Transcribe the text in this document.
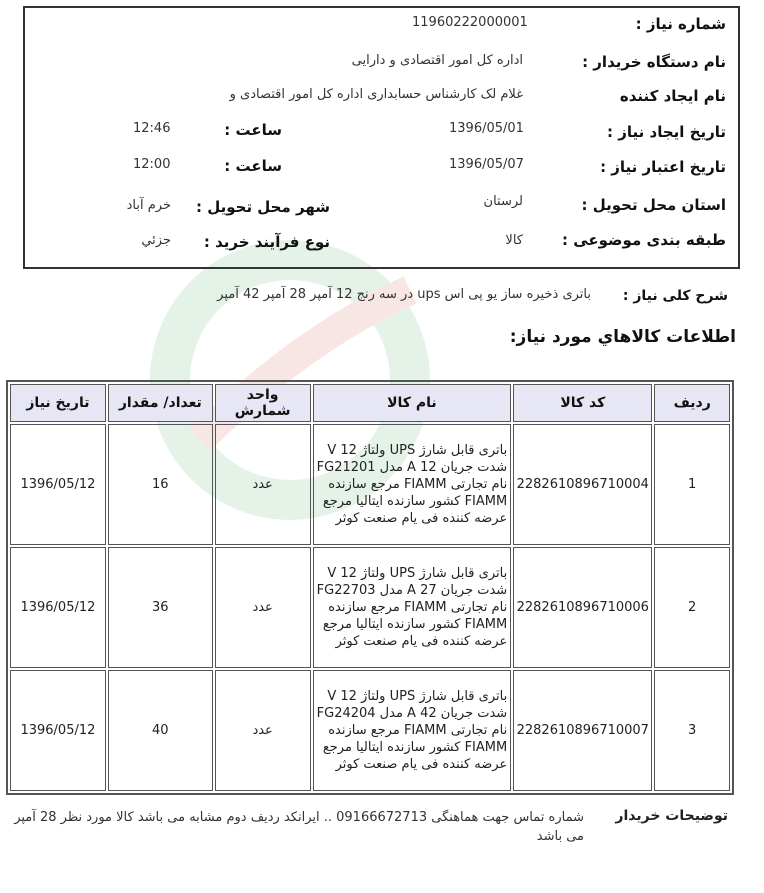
شماره نیاز :
11960222000001
نام دستگاه خریدار :
اداره کل امور اقتصادی و دارایی
نام ایجاد کننده
غلام لک کارشناس حسابداری اداره کل امور اقتصادی و
تاریخ ایجاد نیاز :
1396/05/01
ساعت :
12:46
تاریخ اعتبار نیاز :
1396/05/07
ساعت :
12:00
استان محل تحویل :
لرستان
شهر محل تحویل :
خرم آباد
طبقه بندی موضوعی :
کالا
نوع فرآیند خرید :
جزئي
شرح کلی نیاز :
باتری ذخیره ساز یو پی اس ups در سه رنج 12 آمپر 28 آمپر 42 آمپر
اطلاعات کالاهاي مورد نياز:
ردیف	کد کالا	نام کالا	واحد شمارش	تعداد/ مقدار	تاریخ نیاز
1	2282610896710004	باتری قابل شارژ UPS ولتاژ 12 V شدت جریان 12 A مدل FG21201 نام تجارتی FIAMM مرجع سازنده FIAMM کشور سازنده ایتالیا مرجع عرضه کننده فی یام صنعت کوثر	عدد	16	1396/05/12
2	2282610896710006	باتری قابل شارژ UPS ولتاژ 12 V شدت جریان 27 A مدل FG22703 نام تجارتی FIAMM مرجع سازنده FIAMM کشور سازنده ایتالیا مرجع عرضه کننده فی یام صنعت کوثر	عدد	36	1396/05/12
3	2282610896710007	باتری قابل شارژ UPS ولتاژ 12 V شدت جریان 42 A مدل FG24204 نام تجارتی FIAMM مرجع سازنده FIAMM کشور سازنده ایتالیا مرجع عرضه کننده فی یام صنعت کوثر	عدد	40	1396/05/12
توضیحات خریدار
شماره تماس جهت هماهنگی 09166672713 .. ایرانکد ردیف دوم مشابه می باشد کالا مورد نظر 28 آمپر می باشد
